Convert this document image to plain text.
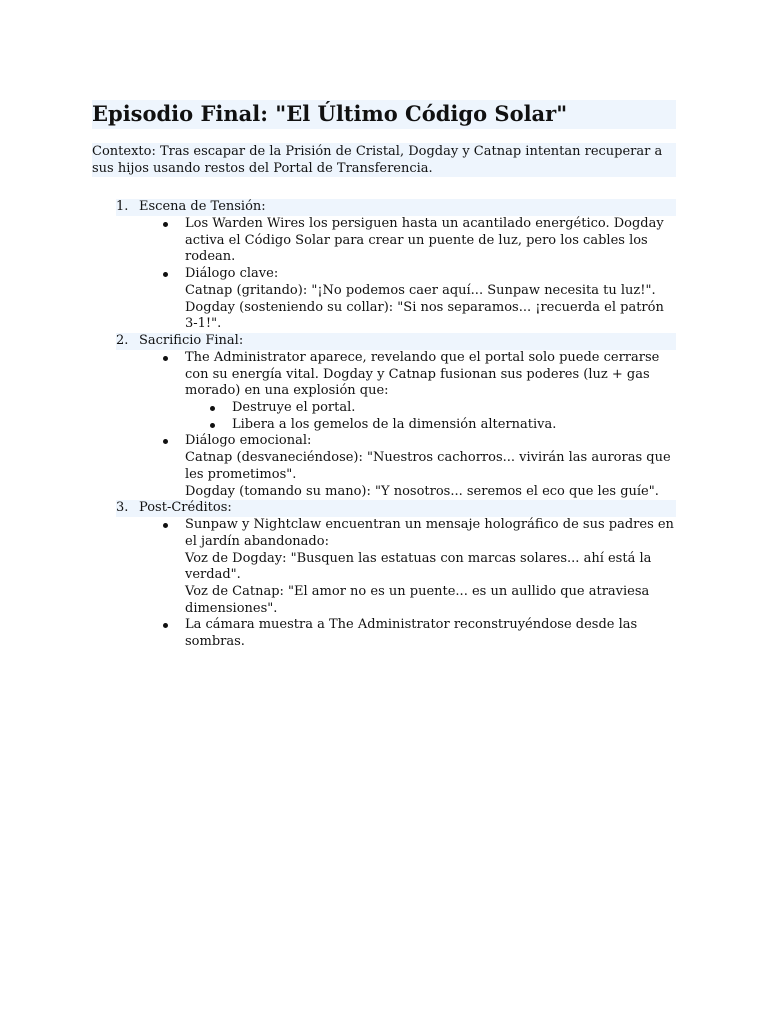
Episodio Final: "El Último Código Solar"

Contexto: Tras escapar de la Prisión de Cristal, Dogday y Catnap intentan recuperar a sus hijos usando restos del Portal de Transferencia.

1. Escena de Tensión:
Los Warden Wires los persiguen hasta un acantilado energético. Dogday activa el Código Solar para crear un puente de luz, pero los cables los rodean.
Diálogo clave:
Catnap (gritando): "¡No podemos caer aquí... Sunpaw necesita tu luz!".
Dogday (sosteniendo su collar): "Si nos separamos... ¡recuerda el patrón 3-1!".
2. Sacrificio Final:
The Administrator aparece, revelando que el portal solo puede cerrarse con su energía vital. Dogday y Catnap fusionan sus poderes (luz + gas morado) en una explosión que:
Destruye el portal.
Libera a los gemelos de la dimensión alternativa.
Diálogo emocional:
Catnap (desvaneciéndose): "Nuestros cachorros... vivirán las auroras que les prometimos".
Dogday (tomando su mano): "Y nosotros... seremos el eco que les guíe".
3. Post-Créditos:
Sunpaw y Nightclaw encuentran un mensaje holográfico de sus padres en el jardín abandonado:
Voz de Dogday: "Busquen las estatuas con marcas solares... ahí está la verdad".
Voz de Catnap: "El amor no es un puente... es un aullido que atraviesa dimensiones".
La cámara muestra a The Administrator reconstruyéndose desde las sombras.
